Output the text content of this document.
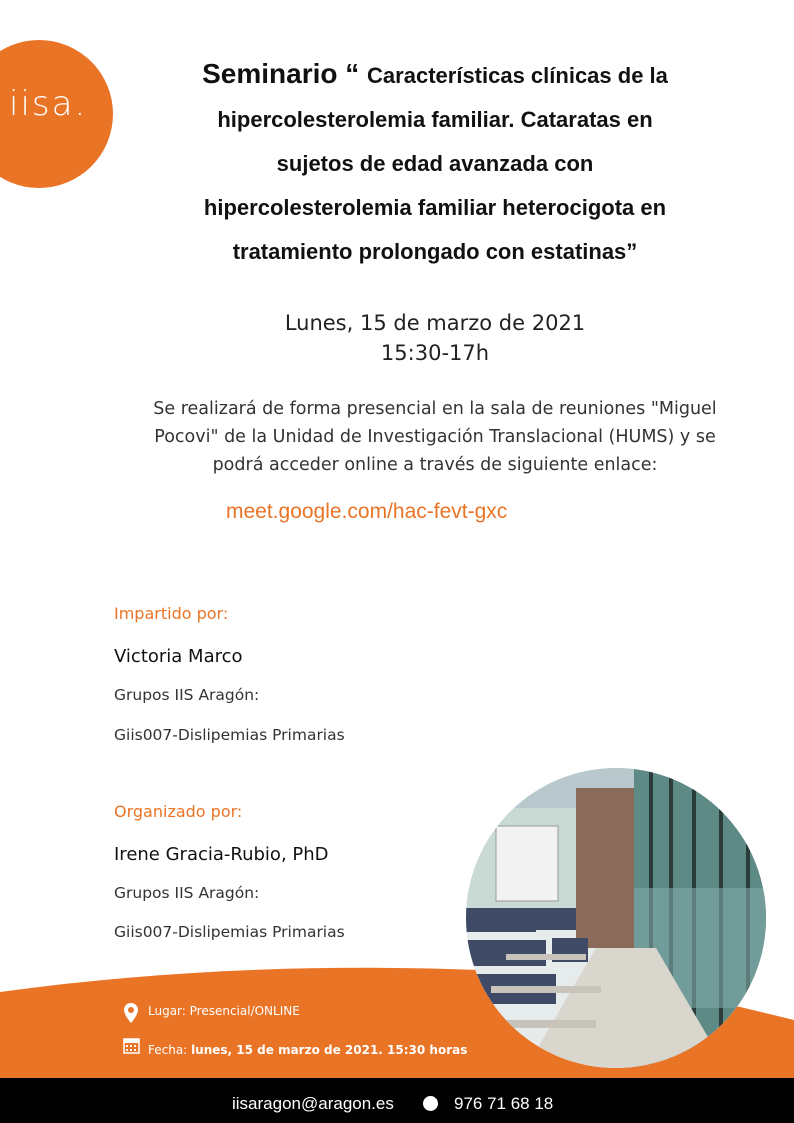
iisa.
Seminario “ Características clínicas de la
hipercolesterolemia familiar. Cataratas en
sujetos de edad avanzada con
hipercolesterolemia familiar heterocigota en
tratamiento prolongado con estatinas”
Lunes, 15 de marzo de 2021
15:30-17h
Se realizará de forma presencial en la sala de reuniones "Miguel
Pocovi" de la Unidad de Investigación Translacional (HUMS) y se
podrá acceder online a través de siguiente enlace:
meet.google.com/hac-fevt-gxc
Impartido por:
Victoria Marco
Grupos IIS Aragón:
Giis007-Dislipemias Primarias
Organizado por:
Irene Gracia-Rubio, PhD
Grupos IIS Aragón:
Giis007-Dislipemias Primarias
Lugar: Presencial/ONLINE
Fecha: lunes, 15 de marzo de 2021. 15:30 horas
iisaragon@aragon.es	976 71 68 18
